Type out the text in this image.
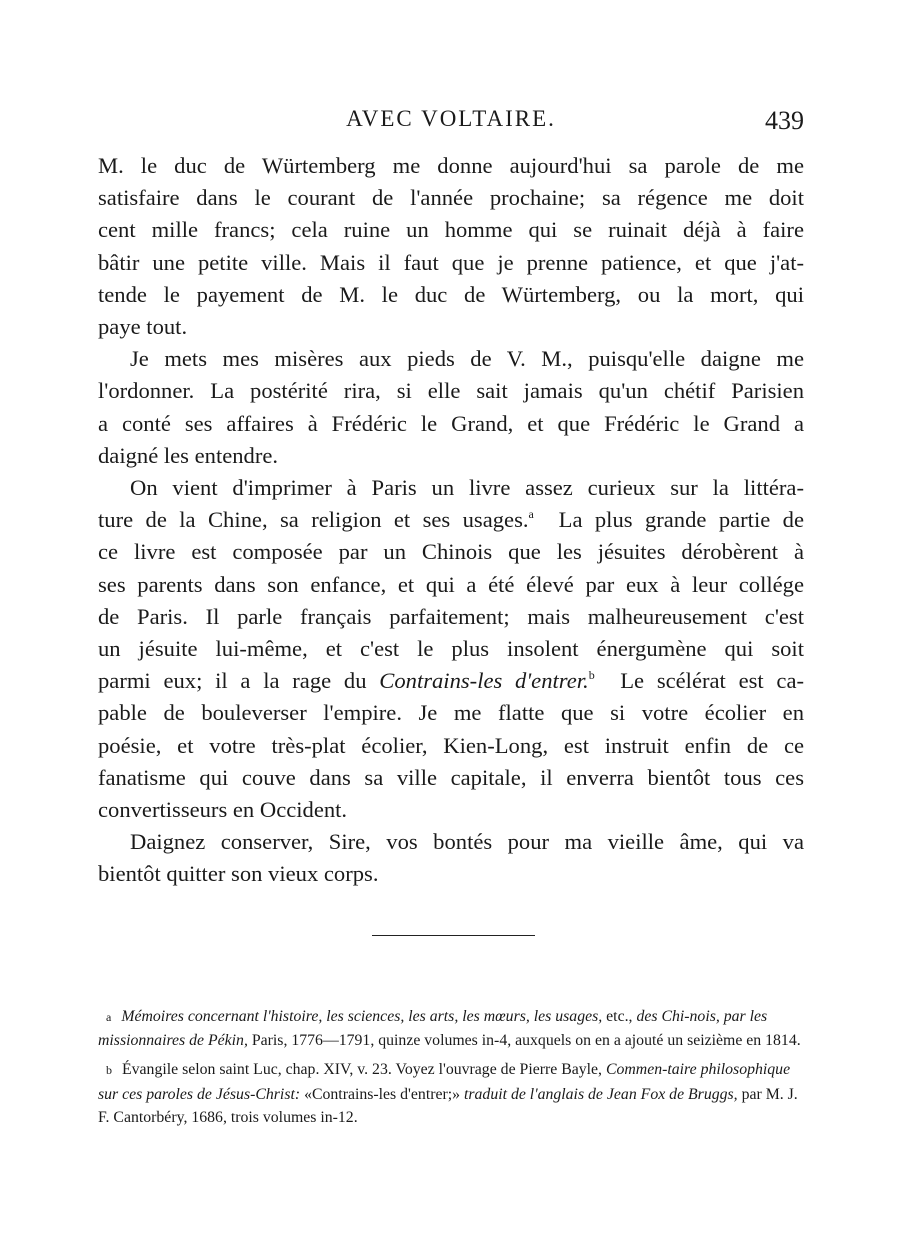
AVEC VOLTAIRE.	439

M. le duc de Würtemberg me donne aujourd'hui sa parole de me
satisfaire dans le courant de l'année prochaine; sa régence me doit
cent mille francs; cela ruine un homme qui se ruinait déjà à faire
bâtir une petite ville. Mais il faut que je prenne patience, et que j'at-
tende le payement de M. le duc de Würtemberg, ou la mort, qui
paye tout.

Je mets mes misères aux pieds de V. M., puisqu'elle daigne me
l'ordonner. La postérité rira, si elle sait jamais qu'un chétif Parisien
a conté ses affaires à Frédéric le Grand, et que Frédéric le Grand a
daigné les entendre.

On vient d'imprimer à Paris un livre assez curieux sur la littéra-
ture de la Chine, sa religion et ses usages.$^a$ La plus grande partie de
ce livre est composée par un Chinois que les jésuites dérobèrent à
ses parents dans son enfance, et qui a été élevé par eux à leur collége
de Paris. Il parle français parfaitement; mais malheureusement c'est
un jésuite lui-même, et c'est le plus insolent énergumène qui soit
parmi eux; il a la rage du Contrains-les d'entrer.$^b$ Le scélérat est ca-
pable de bouleverser l'empire. Je me flatte que si votre écolier en
poésie, et votre très-plat écolier, Kien-Long, est instruit enfin de ce
fanatisme qui couve dans sa ville capitale, il enverra bientôt tous ces
convertisseurs en Occident.

Daignez conserver, Sire, vos bontés pour ma vieille âme, qui va
bientôt quitter son vieux corps.

a Mémoires concernant l'histoire, les sciences, les arts, les mœurs, les usages, etc., des Chi-nois, par les missionnaires de Pékin, Paris, 1776—1791, quinze volumes in-4, auxquels on en a ajouté un seizième en 1814.

b Évangile selon saint Luc, chap. XIV, v. 23. Voyez l'ouvrage de Pierre Bayle, Commen-taire philosophique sur ces paroles de Jésus-Christ: «Contrains-les d'entrer;» traduit de l'anglais de Jean Fox de Bruggs, par M. J. F. Cantorbéry, 1686, trois volumes in-12.
